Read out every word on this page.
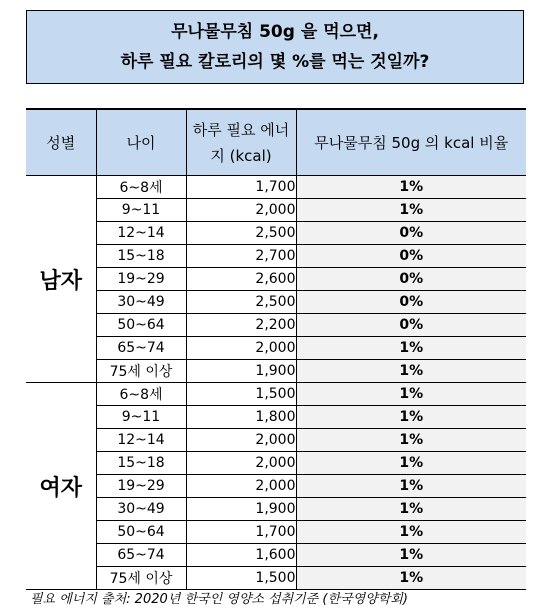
무나물무침 50g 을 먹으면,
하루 필요 칼로리의 몇 %를 먹는 것일까?
성별	나이	하루 필요 에너지 (kcal)	무나물무침 50g 의 kcal 비율
남자	6~8세	1,700	1%
	9~11	2,000	1%
	12~14	2,500	0%
	15~18	2,700	0%
	19~29	2,600	0%
	30~49	2,500	0%
	50~64	2,200	0%
	65~74	2,000	1%
	75세 이상	1,900	1%
여자	6~8세	1,500	1%
	9~11	1,800	1%
	12~14	2,000	1%
	15~18	2,000	1%
	19~29	2,000	1%
	30~49	1,900	1%
	50~64	1,700	1%
	65~74	1,600	1%
	75세 이상	1,500	1%
필요 에너지 출처: 2020년 한국인 영양소 섭취기준 (한국영양학회)
